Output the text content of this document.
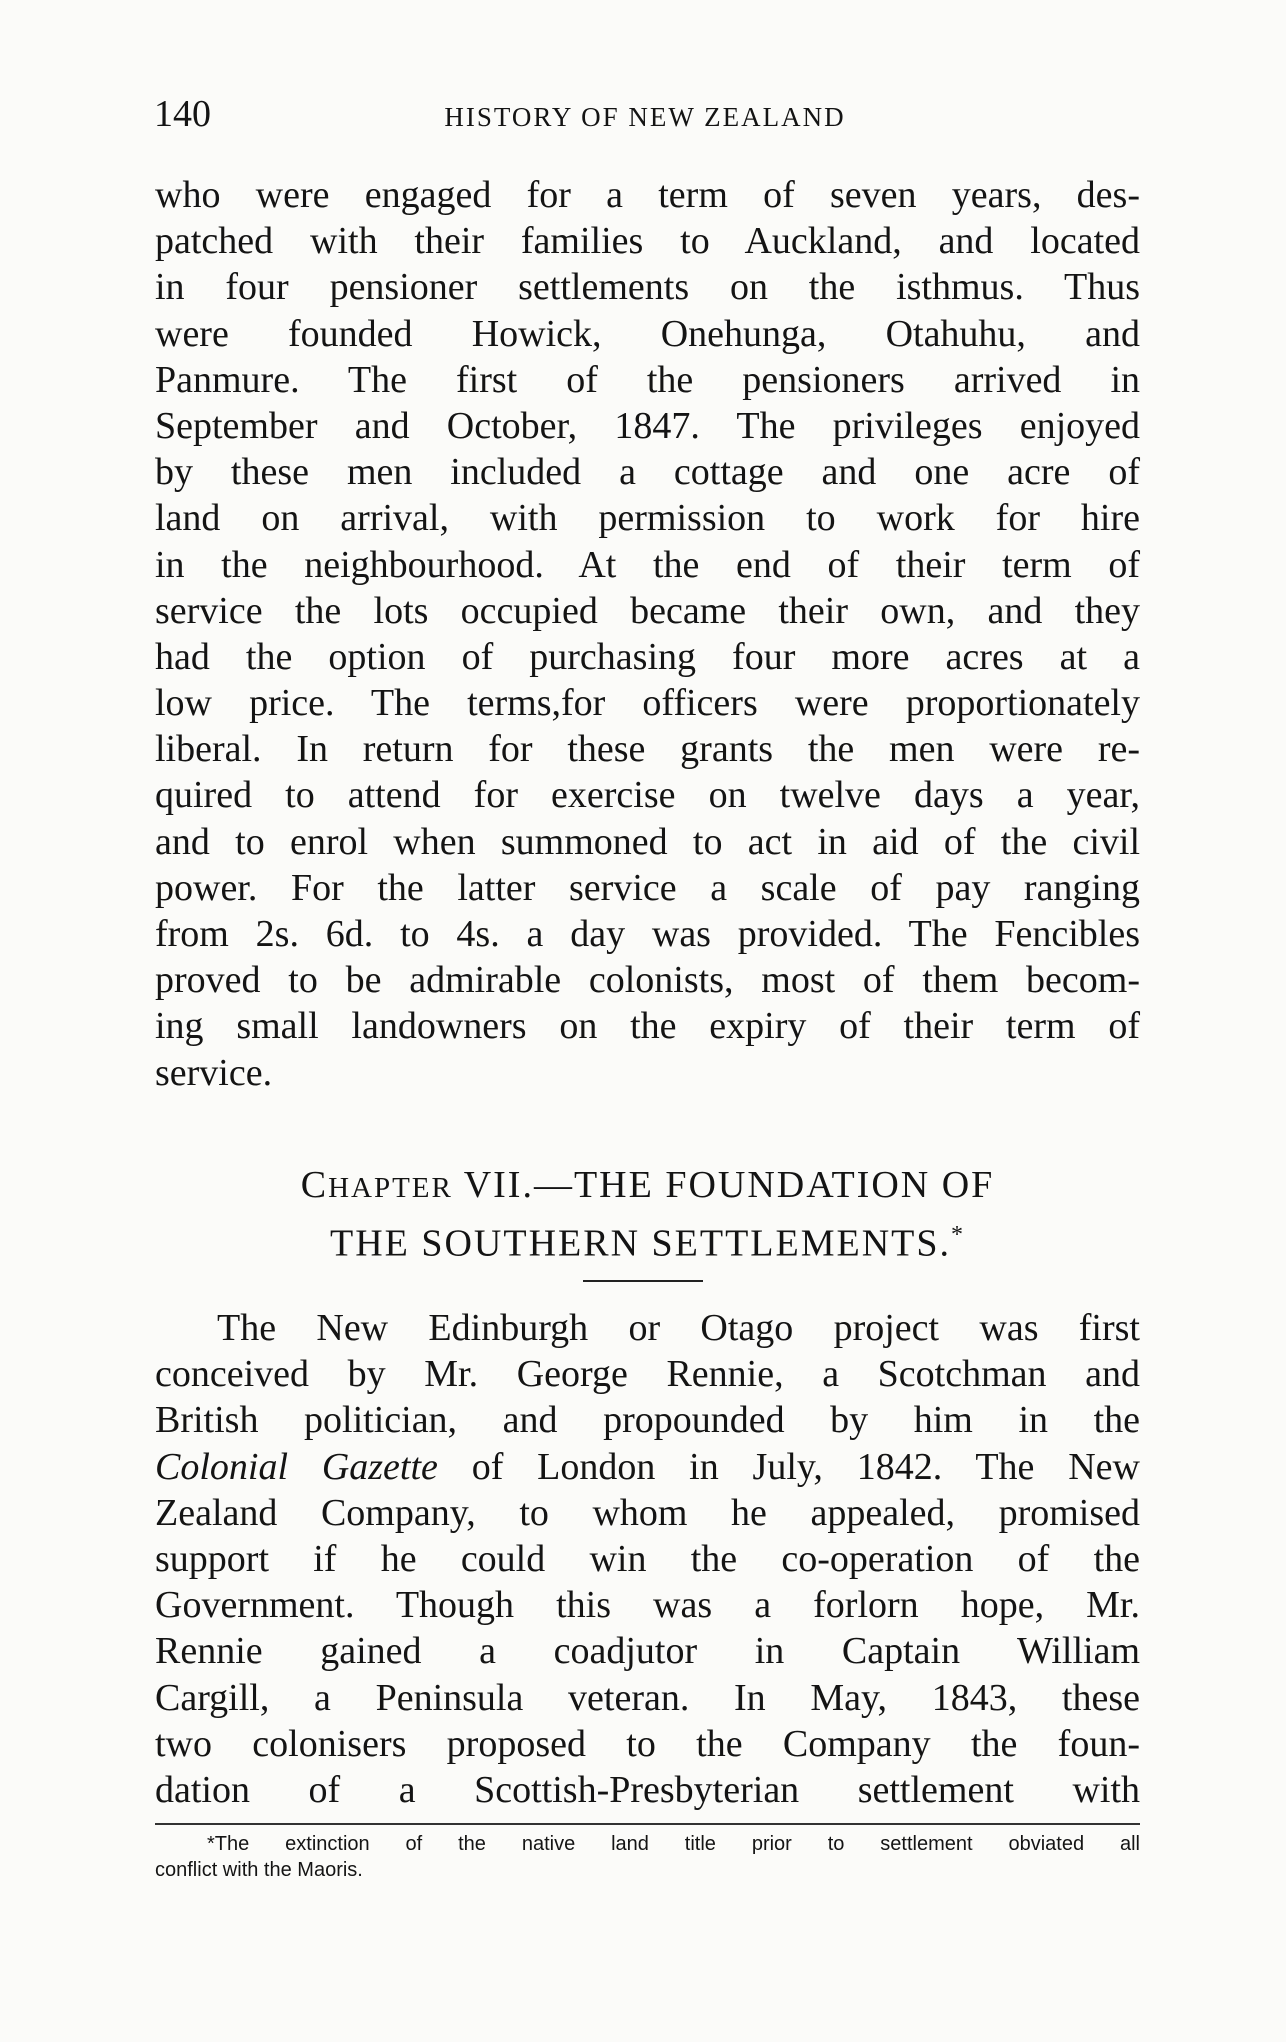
140	HISTORY OF NEW ZEALAND
who were engaged for a term of seven years, des-
patched with their families to Auckland, and located
in four pensioner settlements on the isthmus. Thus
were founded Howick, Onehunga, Otahuhu, and
Panmure. The first of the pensioners arrived in
September and October, 1847. The privileges enjoyed
by these men included a cottage and one acre of
land on arrival, with permission to work for hire
in the neighbourhood. At the end of their term of
service the lots occupied became their own, and they
had the option of purchasing four more acres at a
low price. The terms,for officers were proportionately
liberal. In return for these grants the men were re-
quired to attend for exercise on twelve days a year,
and to enrol when summoned to act in aid of the civil
power. For the latter service a scale of pay ranging
from 2s. 6d. to 4s. a day was provided. The Fencibles
proved to be admirable colonists, most of them becom-
ing small landowners on the expiry of their term of
service.
CHAPTER VII.—THE FOUNDATION OF
THE SOUTHERN SETTLEMENTS.*
The New Edinburgh or Otago project was first
conceived by Mr. George Rennie, a Scotchman and
British politician, and propounded by him in the
Colonial Gazette of London in July, 1842. The New
Zealand Company, to whom he appealed, promised
support if he could win the co-operation of the
Government. Though this was a forlorn hope, Mr.
Rennie gained a coadjutor in Captain William
Cargill, a Peninsula veteran. In May, 1843, these
two colonisers proposed to the Company the foun-
dation of a Scottish-Presbyterian settlement with
*The extinction of the native land title prior to settlement obviated all
conflict with the Maoris.
